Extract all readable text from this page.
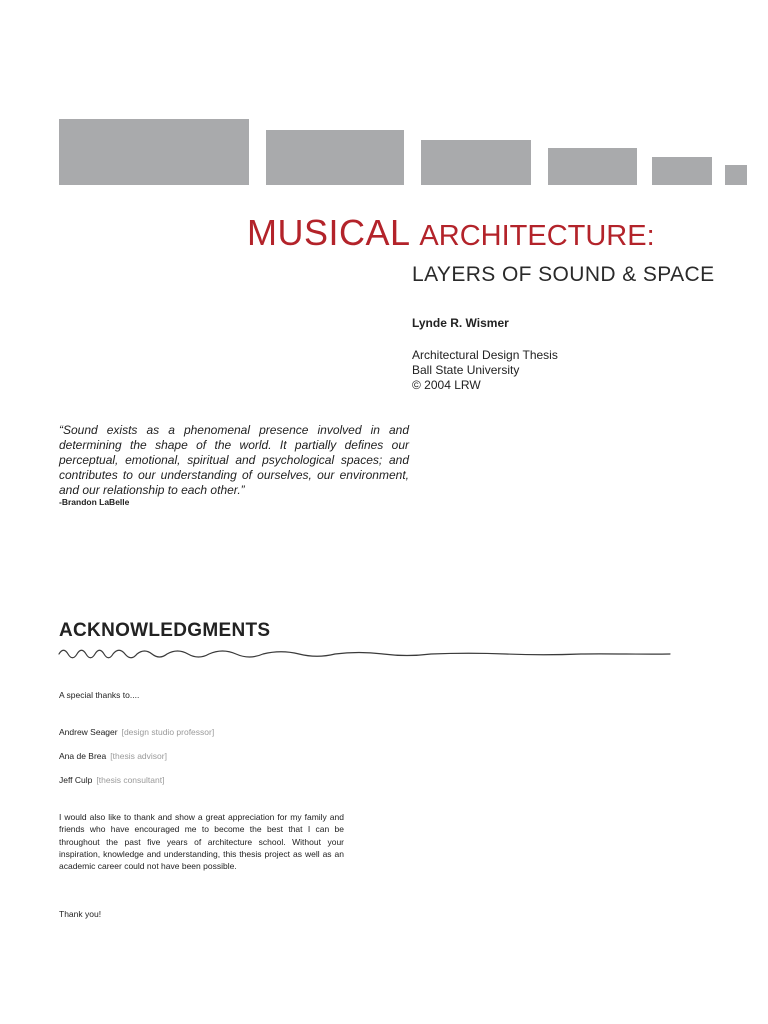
MUSICAL ARCHITECTURE:
LAYERS OF SOUND & SPACE
Lynde R. Wismer
Architectural Design Thesis
Ball State University
© 2004 LRW
“Sound exists as a phenomenal presence involved in and determining the shape of the world. It partially defines our perceptual, emotional, spiritual and psychological spaces; and contributes to our understanding of ourselves, our environment, and our relationship to each other.”
-Brandon LaBelle
ACKNOWLEDGMENTS
A special thanks to....
Andrew Seager [design studio professor]
Ana de Brea [thesis advisor]
Jeff Culp [thesis consultant]
I would also like to thank and show a great appreciation for my family and friends who have encouraged me to become the best that I can be throughout the past five years of architecture school. Without your inspiration, knowledge and understanding, this thesis project as well as an academic career could not have been possible.
Thank you!
